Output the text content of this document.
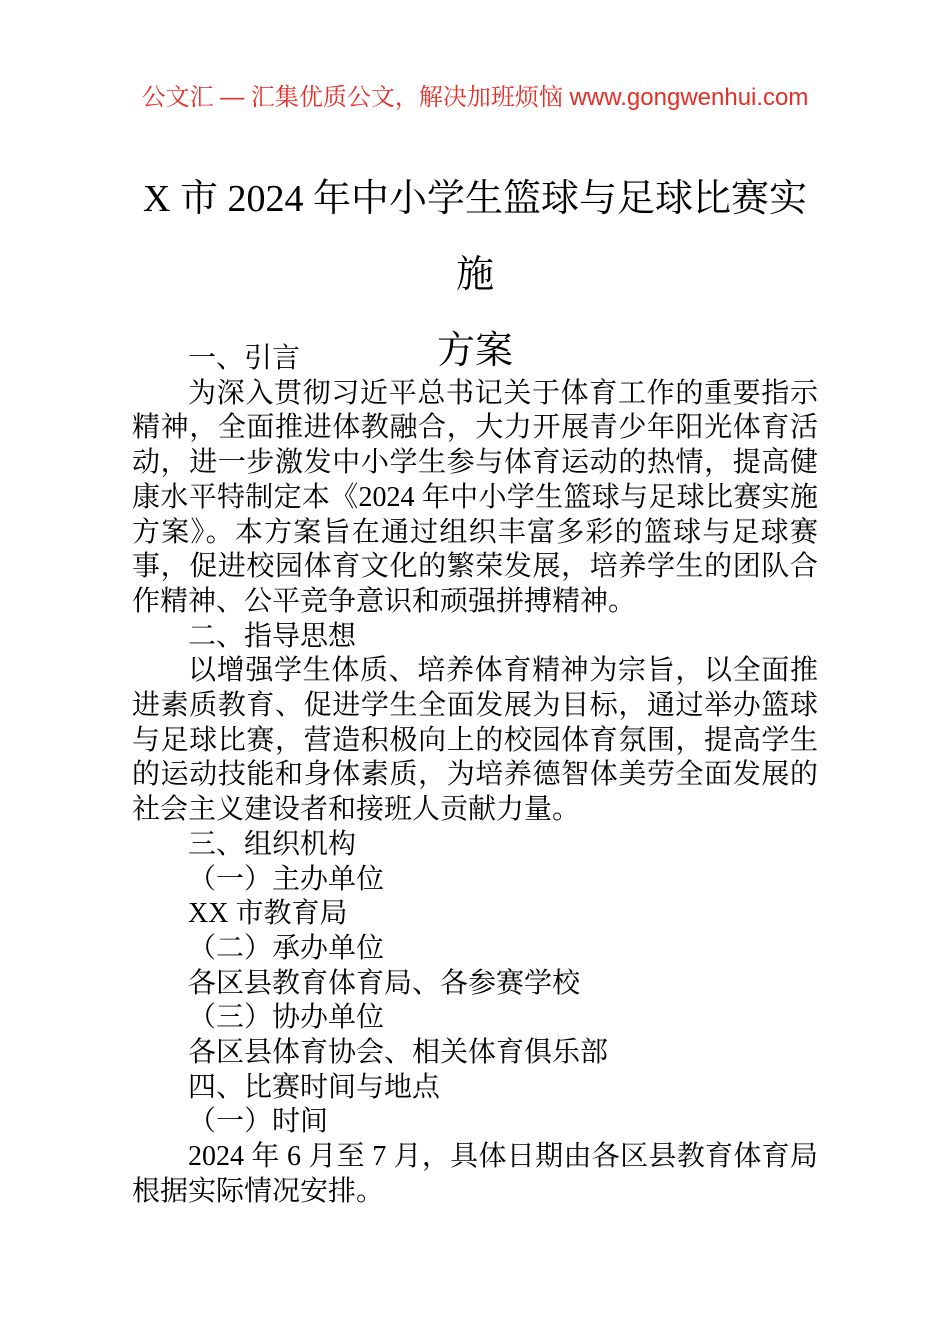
公文汇 — 汇集优质公文，解决加班烦恼 www.gongwenhui.com
X 市 2024 年中小学生篮球与足球比赛实施
方案

一、引言

为深入贯彻习近平总书记关于体育工作的重要指示精神，全面推进体教融合，大力开展青少年阳光体育活动，进一步激发中小学生参与体育运动的热情，提高健康水平特制定本《2024 年中小学生篮球与足球比赛实施方案》。本方案旨在通过组织丰富多彩的篮球与足球赛事，促进校园体育文化的繁荣发展，培养学生的团队合作精神、公平竞争意识和顽强拼搏精神。

二、指导思想

以增强学生体质、培养体育精神为宗旨，以全面推进素质教育、促进学生全面发展为目标，通过举办篮球与足球比赛，营造积极向上的校园体育氛围，提高学生的运动技能和身体素质，为培养德智体美劳全面发展的社会主义建设者和接班人贡献力量。

三、组织机构

（一）主办单位

XX 市教育局

（二）承办单位

各区县教育体育局、各参赛学校

（三）协办单位

各区县体育协会、相关体育俱乐部

四、比赛时间与地点

（一）时间

2024 年 6 月至 7 月，具体日期由各区县教育体育局根据实际情况安排。
